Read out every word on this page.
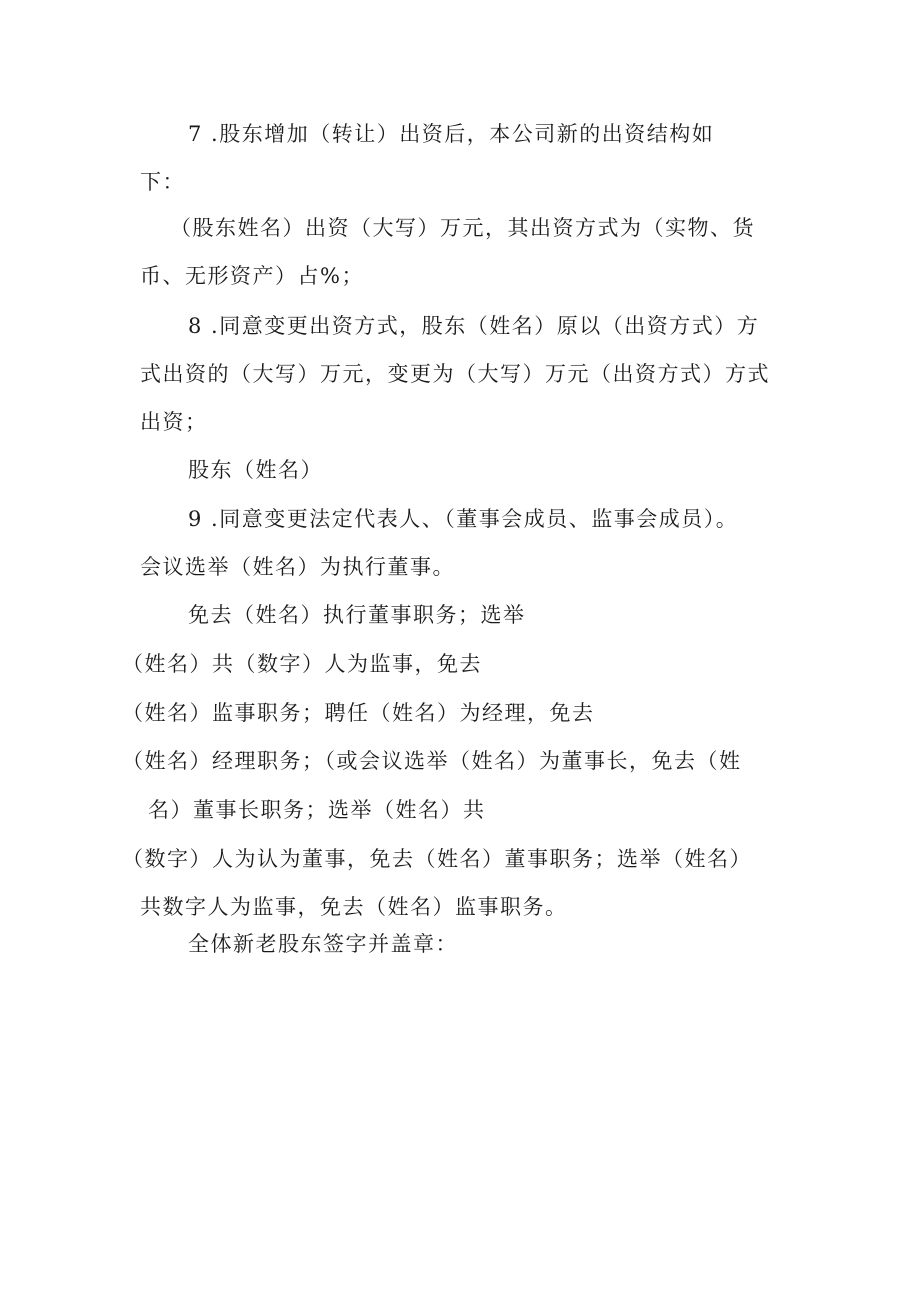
7 .股东增加（转让）出资后，本公司新的出资结构如
下：
（股东姓名）出资（大写）万元，其出资方式为（实物、货
币、无形资产）占%；
8 .同意变更出资方式，股东（姓名）原以（出资方式）方
式出资的（大写）万元，变更为（大写）万元（出资方式）方式
出资；
股东（姓名）
9 .同意变更法定代表人、（董事会成员、监事会成员）。
会议选举（姓名）为执行董事。
免去（姓名）执行董事职务；选举
（姓名）共（数字）人为监事，免去
（姓名）监事职务；聘任（姓名）为经理，免去
（姓名）经理职务；（或会议选举（姓名）为董事长，免去（姓
名）董事长职务；选举（姓名）共
（数字）人为认为董事，免去（姓名）董事职务；选举（姓名）
共数字人为监事，免去（姓名）监事职务。
全体新老股东签字并盖章：
